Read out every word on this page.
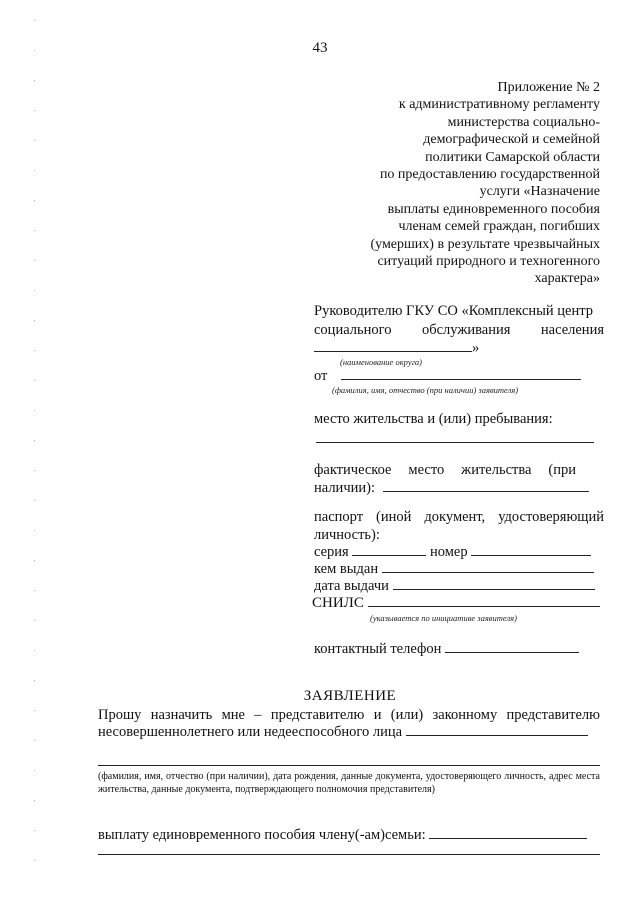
43
Приложение № 2
к административному регламенту
министерства социально-
демографической и семейной
политики Самарской области
по предоставлению государственной
услуги «Назначение
выплаты единовременного пособия
членам семей граждан, погибших
(умерших) в результате чрезвычайных
ситуаций природного и техногенного
характера»
Руководителю ГКУ СО «Комплексный центр
социального обслуживания населения
»
(наименование округа)
от
(фамилия, имя, отчество (при наличии) заявителя)
место жительства и (или) пребывания:
фактическое место жительства (при
наличии):
паспорт (иной документ, удостоверяющий
личность):
серия	номер
кем выдан
дата выдачи
СНИЛС
(указывается по инициативе заявителя)
контактный телефон
ЗАЯВЛЕНИЕ
Прошу назначить мне – представителю и (или) законному представителю
несовершеннолетнего или недееспособного лица
(фамилия, имя, отчество (при наличии), дата рождения, данные документа, удостоверяющего личность, адрес места жительства, данные документа, подтверждающего полномочия представителя)
выплату единовременного пособия члену(-ам)семьи:
